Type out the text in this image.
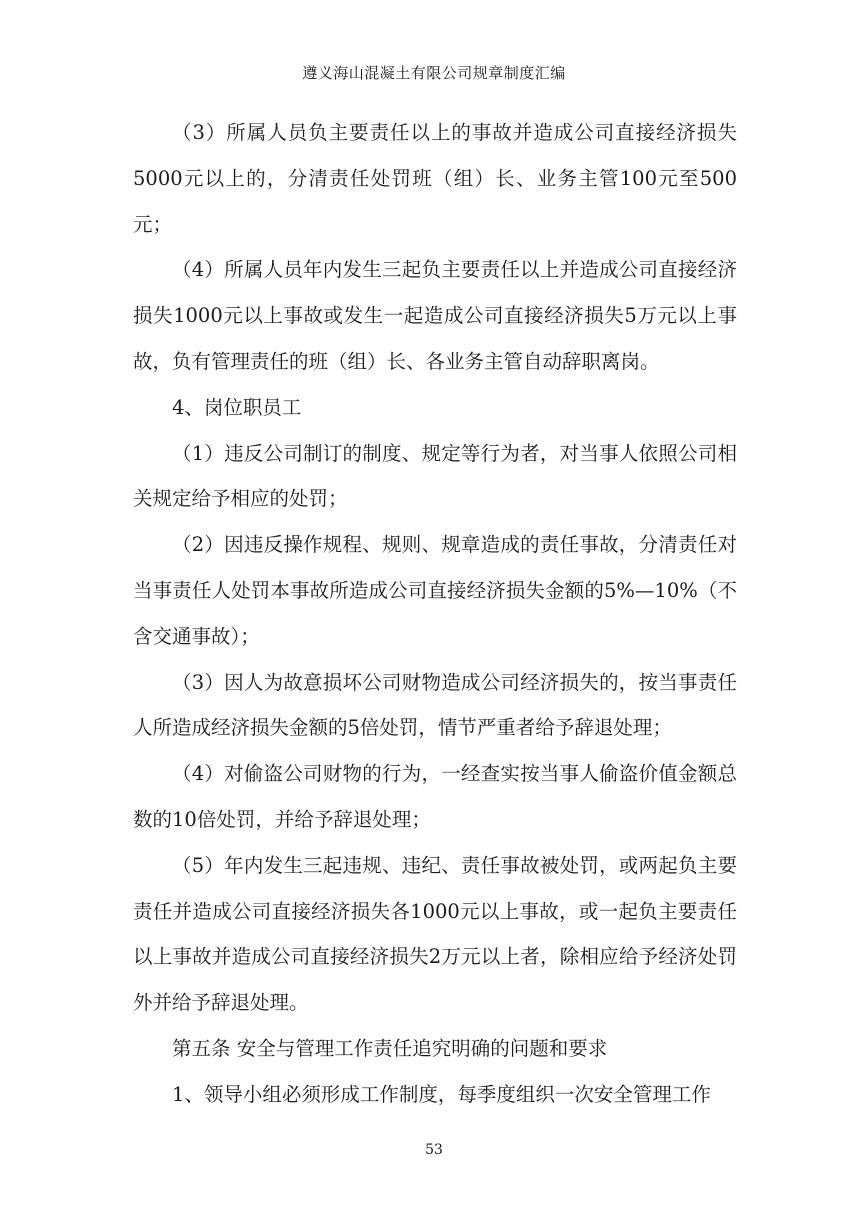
遵义海山混凝土有限公司规章制度汇编

（3）所属人员负主要责任以上的事故并造成公司直接经济损失5000元以上的，分清责任处罚班（组）长、业务主管100元至500元；

（4）所属人员年内发生三起负主要责任以上并造成公司直接经济损失1000元以上事故或发生一起造成公司直接经济损失5万元以上事故，负有管理责任的班（组）长、各业务主管自动辞职离岗。

4、岗位职员工

（1）违反公司制订的制度、规定等行为者，对当事人依照公司相关规定给予相应的处罚；

（2）因违反操作规程、规则、规章造成的责任事故，分清责任对当事责任人处罚本事故所造成公司直接经济损失金额的5%—10%（不含交通事故）；

（3）因人为故意损坏公司财物造成公司经济损失的，按当事责任人所造成经济损失金额的5倍处罚，情节严重者给予辞退处理；

（4）对偷盗公司财物的行为，一经查实按当事人偷盗价值金额总数的10倍处罚，并给予辞退处理；

（5）年内发生三起违规、违纪、责任事故被处罚，或两起负主要责任并造成公司直接经济损失各1000元以上事故，或一起负主要责任以上事故并造成公司直接经济损失2万元以上者，除相应给予经济处罚外并给予辞退处理。

第五条 安全与管理工作责任追究明确的问题和要求

1、领导小组必须形成工作制度，每季度组织一次安全管理工作

53
